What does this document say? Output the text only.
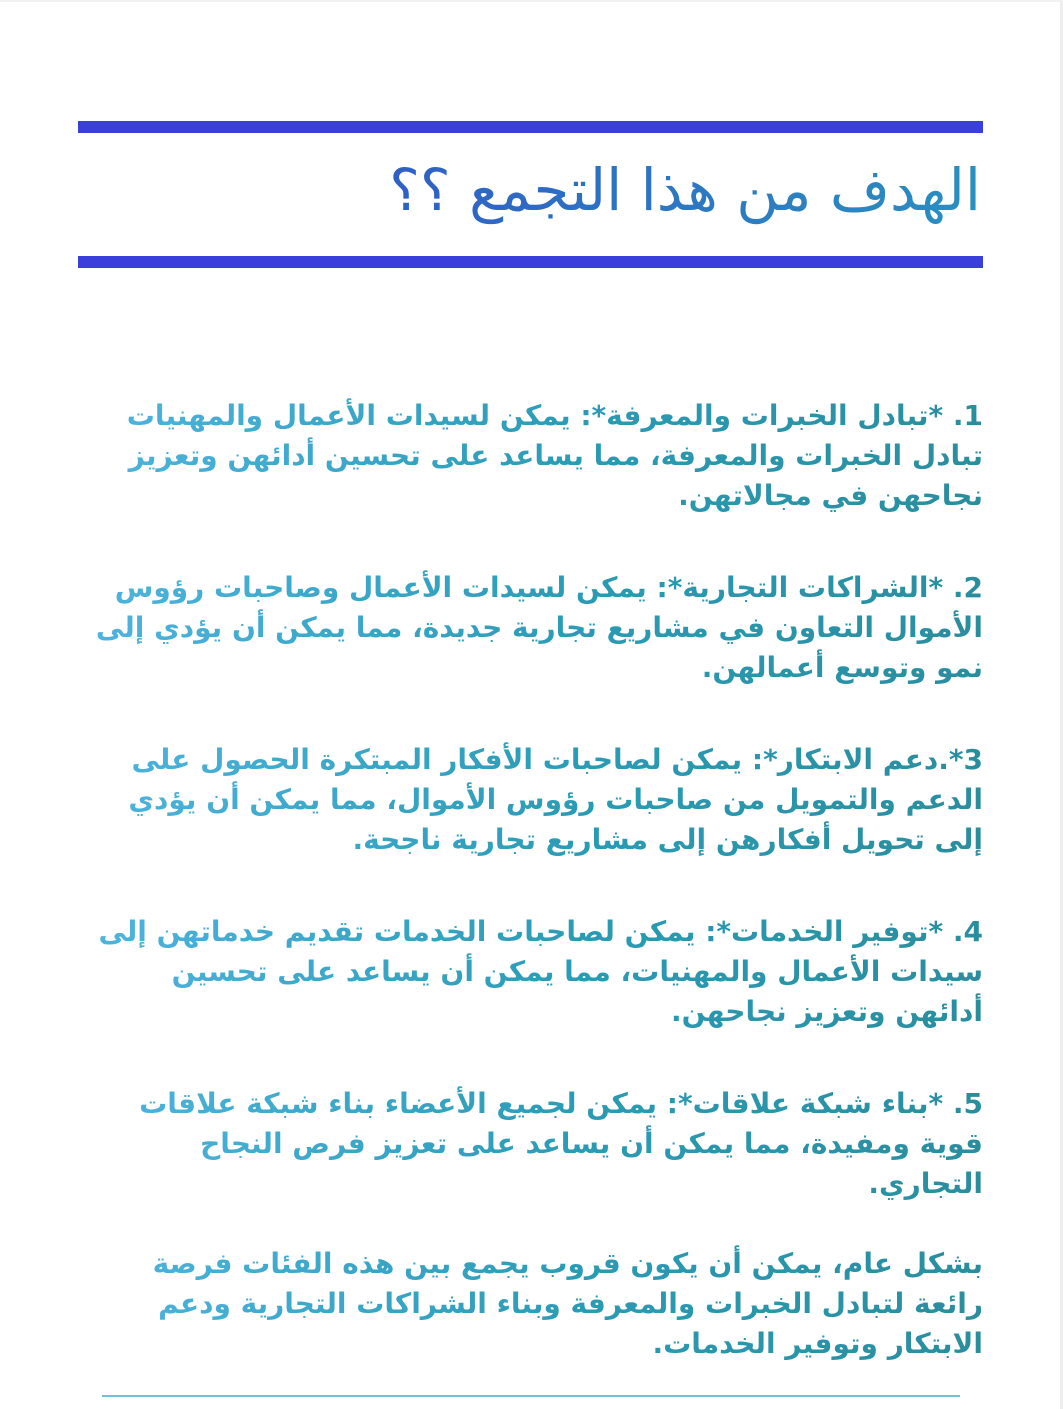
الهدف من هذا التجمع ؟؟

1. *تبادل الخبرات والمعرفة*: يمكن لسيدات الأعمال والمهنيات تبادل الخبرات والمعرفة، مما يساعد على تحسين أدائهن وتعزيز نجاحهن في مجالاتهن.

2. *الشراكات التجارية*: يمكن لسيدات الأعمال وصاحبات رؤوس الأموال التعاون في مشاريع تجارية جديدة، مما يمكن أن يؤدي إلى نمو وتوسع أعمالهن.

3*.دعم الابتكار*: يمكن لصاحبات الأفكار المبتكرة الحصول على الدعم والتمويل من صاحبات رؤوس الأموال، مما يمكن أن يؤدي إلى تحويل أفكارهن إلى مشاريع تجارية ناجحة.

4. *توفير الخدمات*: يمكن لصاحبات الخدمات تقديم خدماتهن إلى سيدات الأعمال والمهنيات، مما يمكن أن يساعد على تحسين أدائهن وتعزيز نجاحهن.

5. *بناء شبكة علاقات*: يمكن لجميع الأعضاء بناء شبكة علاقات قوية ومفيدة، مما يمكن أن يساعد على تعزيز فرص النجاح التجاري.

بشكل عام، يمكن أن يكون قروب يجمع بين هذه الفئات فرصة رائعة لتبادل الخبرات والمعرفة وبناء الشراكات التجارية ودعم الابتكار وتوفير الخدمات.
